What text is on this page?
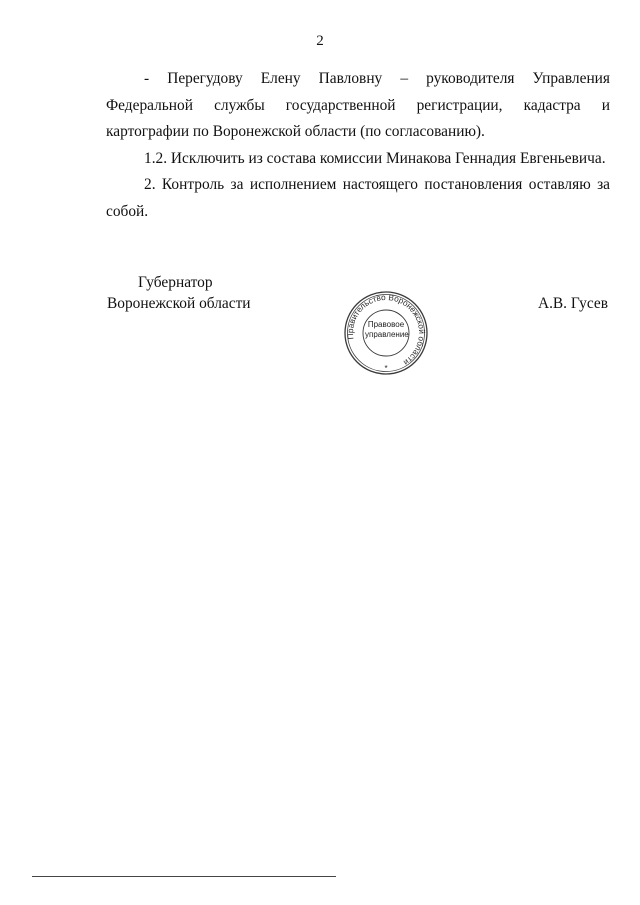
2

- Перегудову Елену Павловну – руководителя Управления Федеральной службы государственной регистрации, кадастра и картографии по Воронежской области (по согласованию).

1.2. Исключить из состава комиссии Минакова Геннадия Евгеньевича.

2. Контроль за исполнением настоящего постановления оставляю за собой.

Губернатор
Воронежской области	А.В. Гусев
Правительство Воронежской области
*
Правовое
управление
